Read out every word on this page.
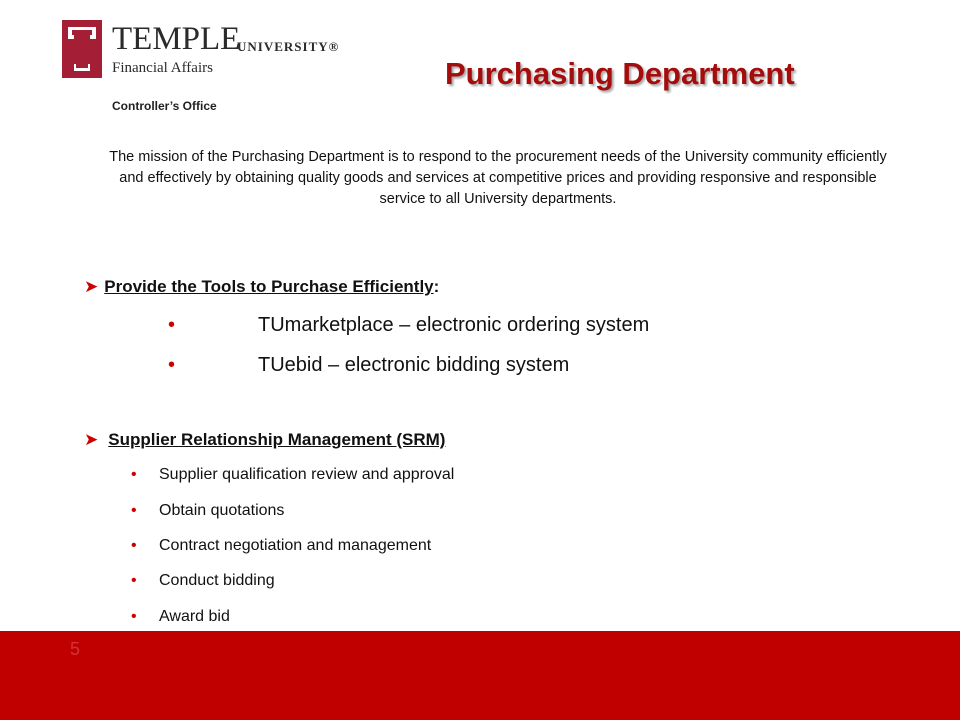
TEMPLE
UNIVERSITY®
Financial Affairs
Controller’s Office
Purchasing Department
The mission of the Purchasing Department is to respond to the procurement needs of the University community efficiently and effectively by obtaining quality goods and services at competitive prices and providing responsive and responsible service to all University departments.
➤ Provide the Tools to Purchase Efficiently:
•	TUmarketplace – electronic ordering system
•	TUebid – electronic bidding system
➤ Supplier Relationship Management (SRM)
• Supplier qualification review and approval
• Obtain quotations
• Contract negotiation and management
• Conduct bidding
• Award bid
5
